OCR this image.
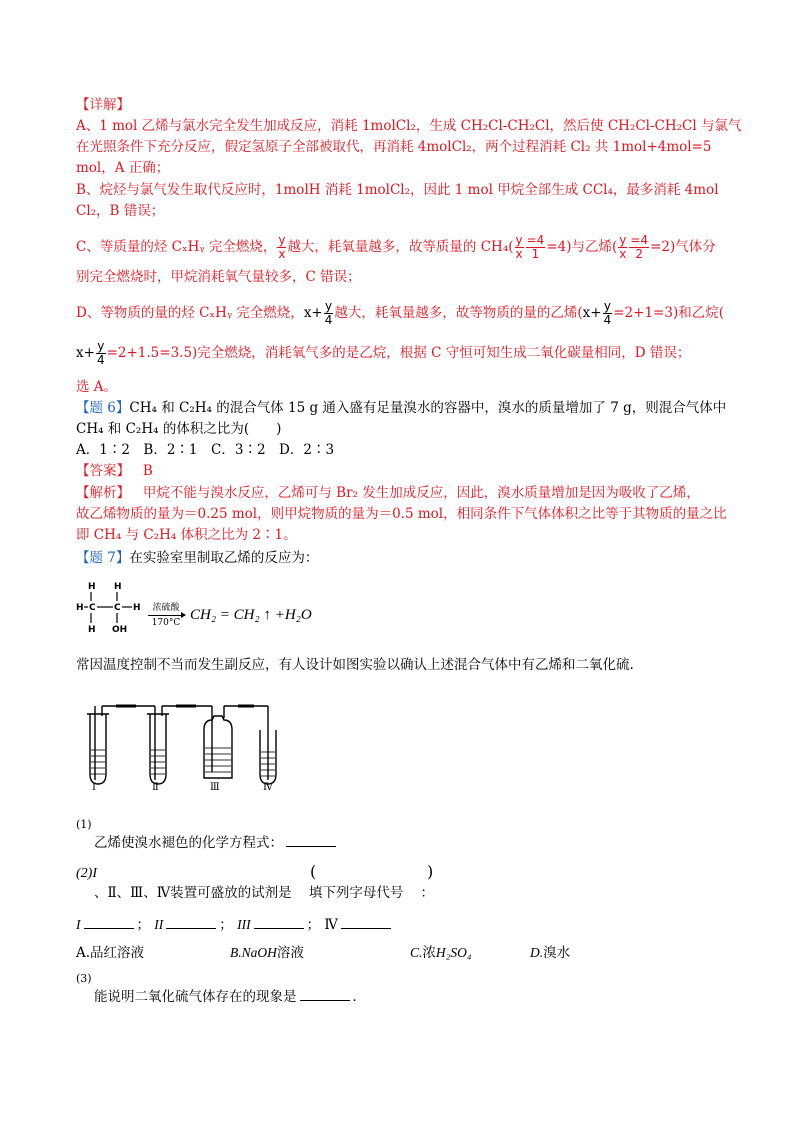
【详解】
A、1 mol 乙烯与氯水完全发生加成反应，消耗 1molCl₂，生成 CH₂Cl-CH₂Cl，然后使 CH₂Cl-CH₂Cl 与氯气
在光照条件下充分反应，假定氢原子全部被取代，再消耗 4molCl₂，两个过程消耗 Cl₂ 共 1mol+4mol=5
mol，A 正确；
B、烷烃与氯气发生取代反应时，1molH 消耗 1molCl₂，因此 1 mol 甲烷全部生成 CCl₄，最多消耗 4mol
Cl₂，B 错误；
C、等质量的烃 CₓHᵧ 完全燃烧， $\frac{y}{x}$ 越大，耗氧量越多，故等质量的 $CH_4( \frac{y}{x} \frac{=4}{1} =4)$与乙烯( $\frac{y}{x} \frac{=4}{2} =2$)气体分
别完全燃烧时，甲烷消耗氧气量较多，C 错误；
D、等物质的量的烃 CₓHᵧ 完全燃烧，$x+ \frac{y}{4}$ 越大，耗氧量越多，故等物质的量的乙烯$(x+ \frac{y}{4} =2+1=3)$和乙烷(
$x+ \frac{y}{4} =2+1.5=3.5$)完全燃烧，消耗氧气多的是乙烷，根据 C 守恒可知生成二氧化碳量相同，D 错误；
选 A。
【题 6】CH₄ 和 C₂H₄ 的混合气体 15 g 通入盛有足量溴水的容器中，溴水的质量增加了 7 g，则混合气体中
CH₄ 和 C₂H₄ 的体积之比为(　　)
A．1∶2　B．2∶1　C．3∶2　D．2∶3
【答案】 B
【解析】 甲烷不能与溴水反应，乙烯可与 Br₂ 发生加成反应，因此，溴水质量增加是因为吸收了乙烯，
故乙烯物质的量为＝0.25 mol，则甲烷物质的量为＝0.5 mol，相同条件下气体体积之比等于其物质的量之比
即 CH₄ 与 C₂H₄ 体积之比为 2∶1。
【题 7】在实验室里制取乙烯的反应为：
H H
H C C H
H OH
浓硫酸
170°C CH₂ = CH₂ ↑ +H₂O
常因温度控制不当而发生副反应，有人设计如图实验以确认上述混合气体中有乙烯和二氧化硫.
Ⅰ	Ⅱ	Ⅲ	Ⅳ
(1)
乙烯使溴水褪色的化学方程式：
(2)I	(	)
、Ⅱ、Ⅲ、Ⅳ装置可盛放的试剂是 填下列字母代号 ：
I	； II	； III	； Ⅳ
A.品红溶液	B.NaOH溶液	C.浓H₂SO₄	D.溴水
(3)
能说明二氧化硫气体存在的现象是	．
